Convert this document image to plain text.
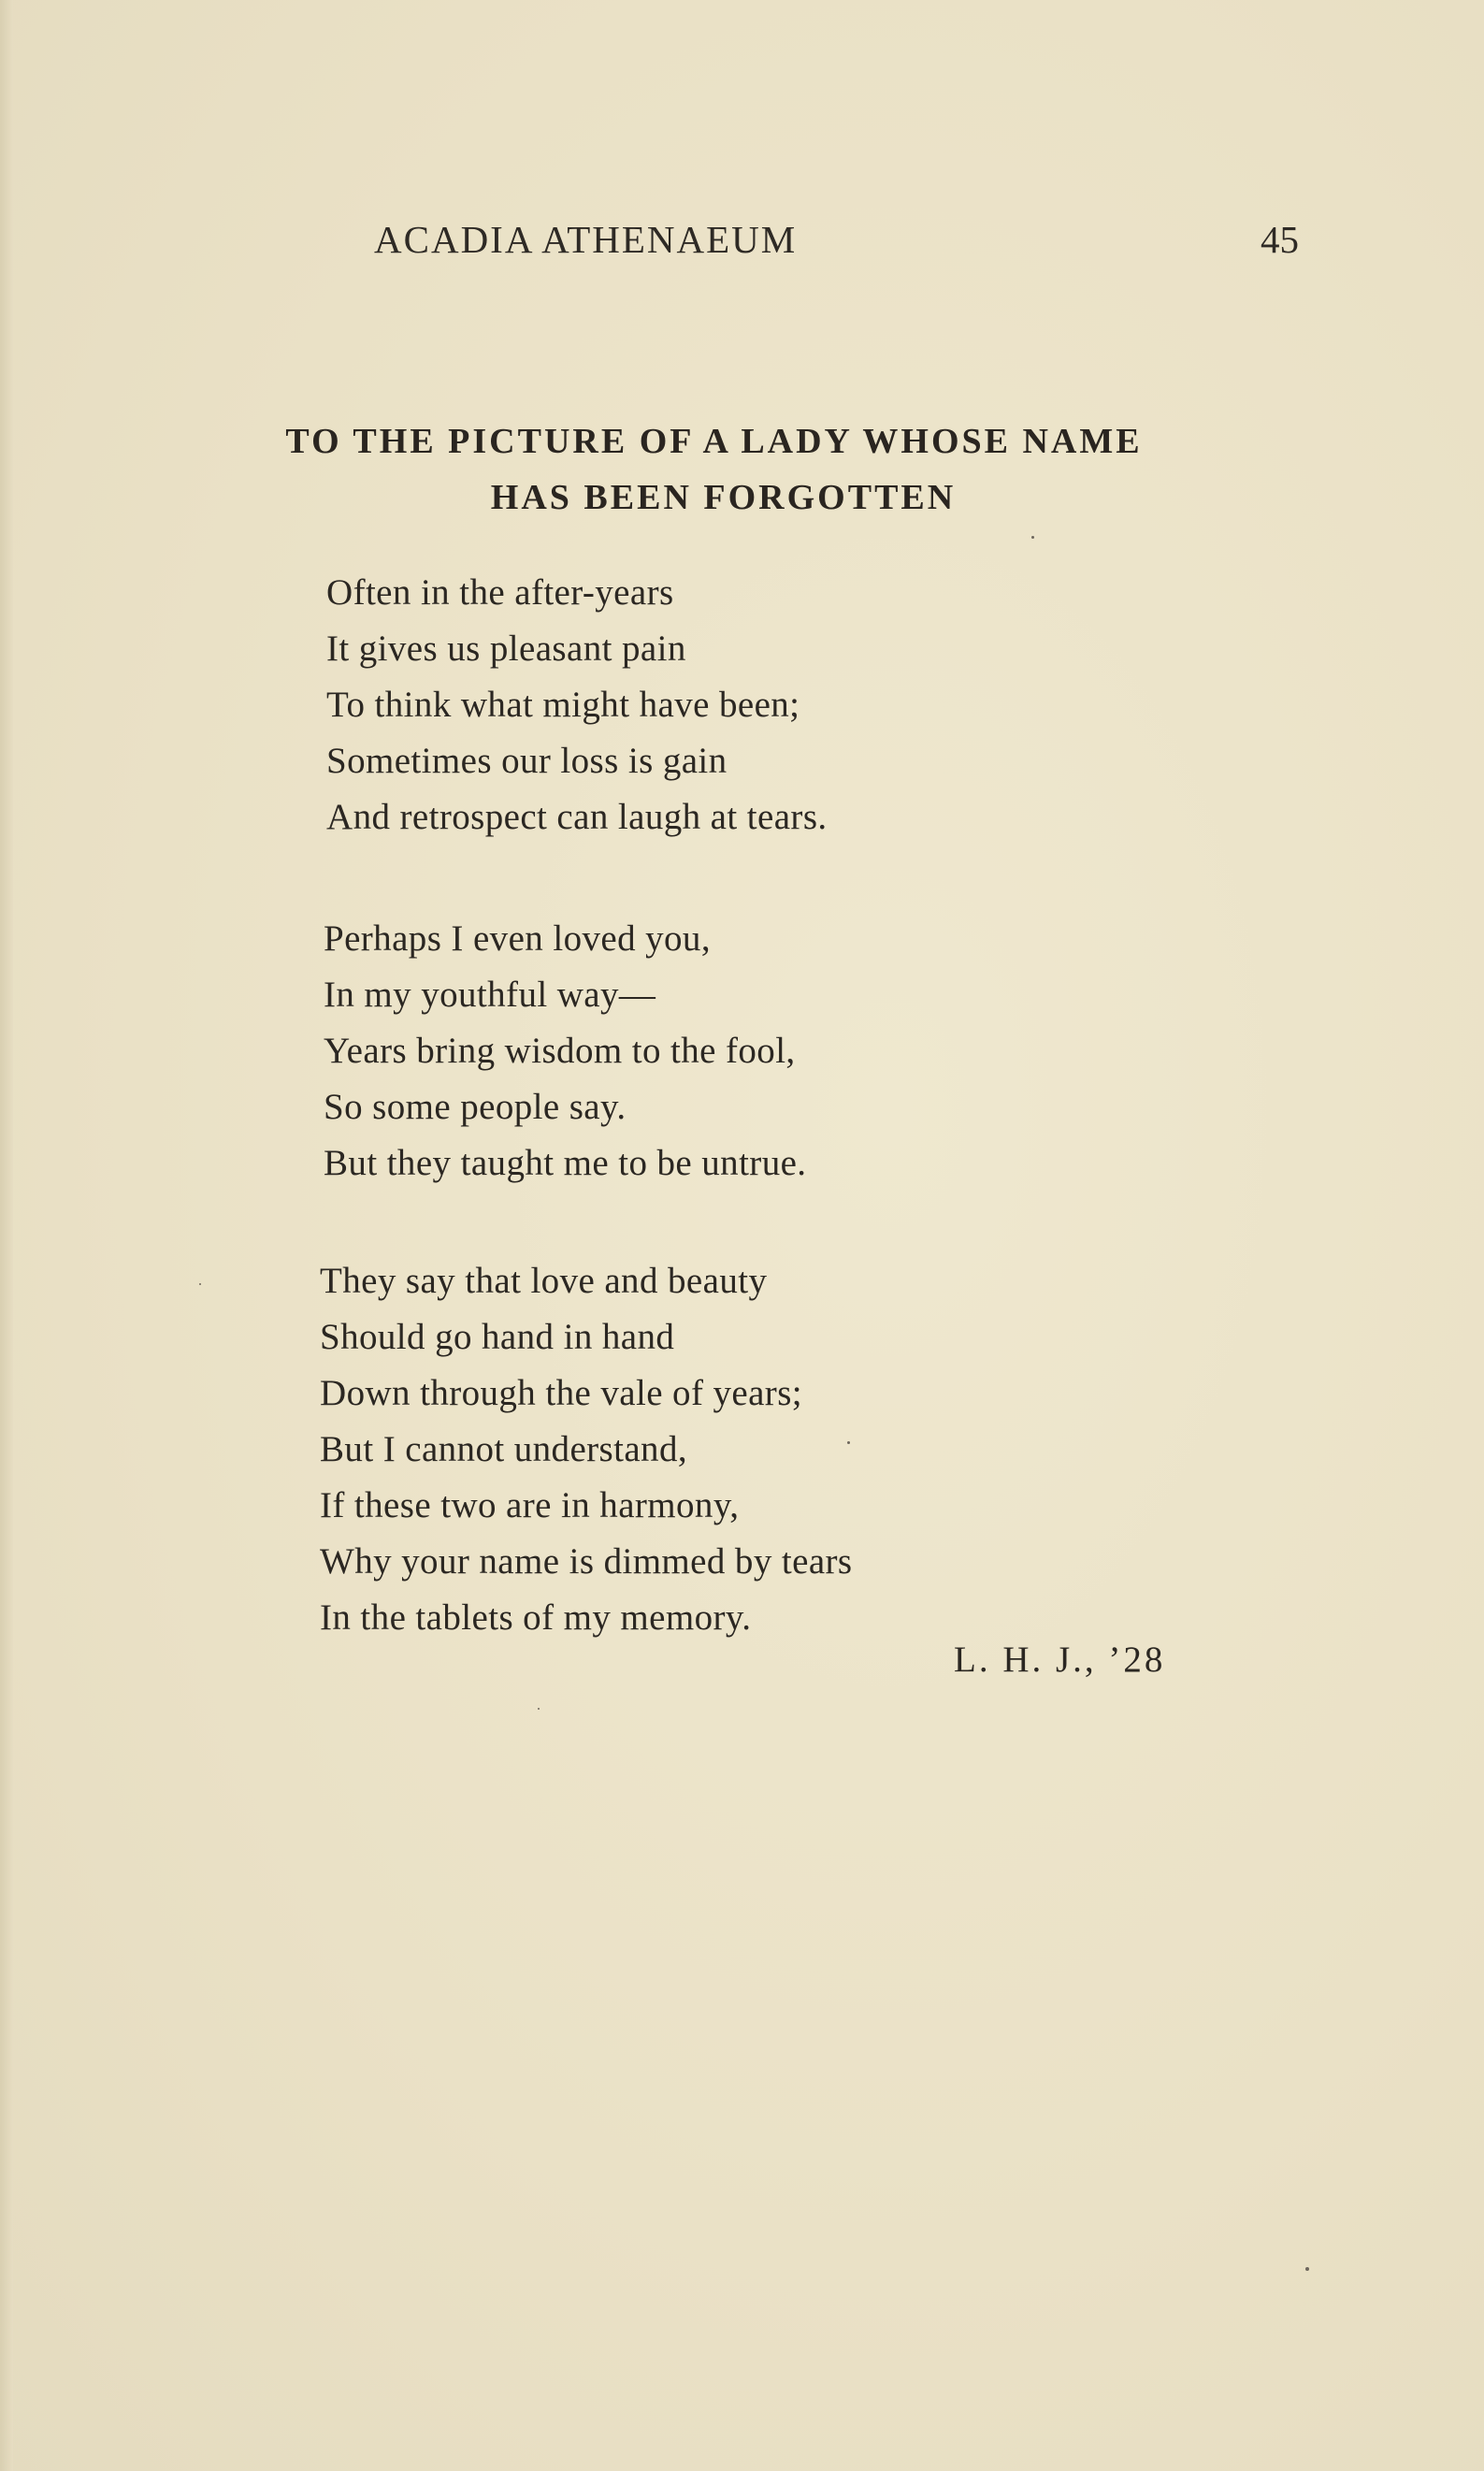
ACADIA ATHENAEUM	45
TO THE PICTURE OF A LADY WHOSE NAME
HAS BEEN FORGOTTEN
Often in the after-years
It gives us pleasant pain
To think what might have been;
Sometimes our loss is gain
And retrospect can laugh at tears.
Perhaps I even loved you,
In my youthful way—
Years bring wisdom to the fool,
So some people say.
But they taught me to be untrue.
They say that love and beauty
Should go hand in hand
Down through the vale of years;
But I cannot understand,
If these two are in harmony,
Why your name is dimmed by tears
In the tablets of my memory.
L. H. J., ’28
